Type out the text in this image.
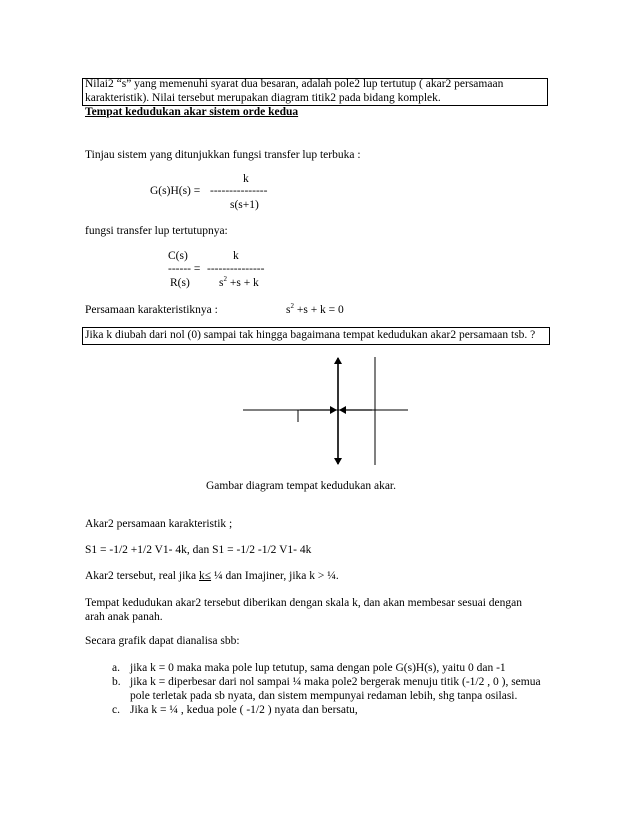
Nilai2 “s” yang memenuhi syarat dua besaran, adalah pole2 lup tertutup ( akar2 persamaan
karakteristik). Nilai tersebut merupakan diagram titik2 pada bidang komplek.
Tempat kedudukan akar sistem orde kedua
Tinjau sistem yang ditunjukkan fungsi transfer lup terbuka :
k
G(s)H(s) = ---------------
s(s+1)
fungsi transfer lup tertutupnya:
C(s)	k
------ = ---------------
R(s)	$s^2 +s + k$
Persamaan karakteristiknya :	$s^2 +s + k = 0$
Jika k diubah dari nol (0) sampai tak hingga bagaimana tempat kedudukan akar2 persamaan tsb. ?
Gambar diagram tempat kedudukan akar.
Akar2 persamaan karakteristik ;
S1 = -1/2 +1/2 V1- 4k, dan S1 = -1/2 -1/2 V1- 4k
Akar2 tersebut, real jika k≤ ¼ dan Imajiner, jika k > ¼.
Tempat kedudukan akar2 tersebut diberikan dengan skala k, dan akan membesar sesuai dengan
arah anak panah.
Secara grafik dapat dianalisa sbb:
a. jika k = 0 maka maka pole lup tetutup, sama dengan pole G(s)H(s), yaitu 0 dan -1
b. jika k = diperbesar dari nol sampai ¼ maka pole2 bergerak menuju titik (-1/2 , 0 ), semua
pole terletak pada sb nyata, dan sistem mempunyai redaman lebih, shg tanpa osilasi.
c. Jika k = ¼ , kedua pole ( -1/2 ) nyata dan bersatu,
